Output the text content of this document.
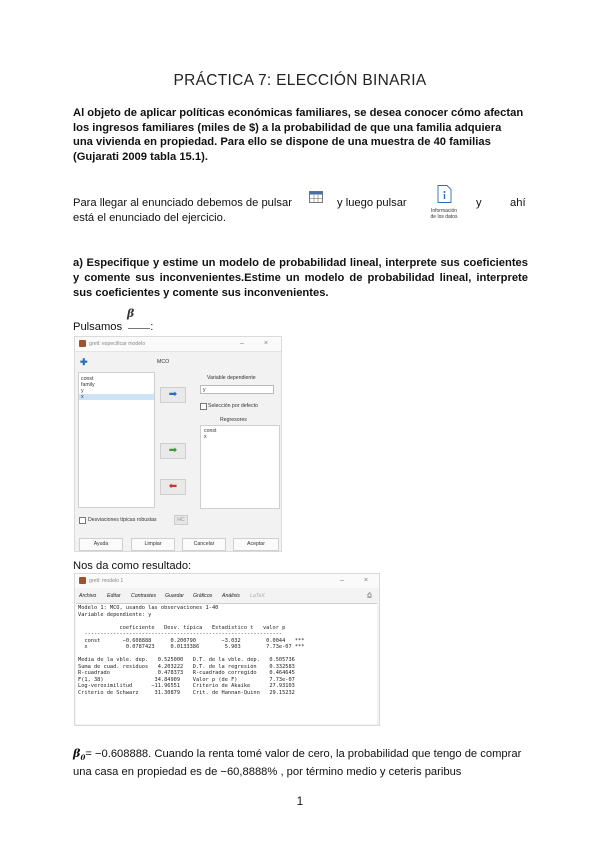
PRÁCTICA 7: ELECCIÓN BINARIA
Al objeto de aplicar políticas económicas familiares, se desea conocer cómo afectan
los ingresos familiares (miles de $) a la probabilidad de que una familia adquiera
una vivienda en propiedad. Para ello se dispone de una muestra de 40 familias
(Gujarati 2009 tabla 15.1).
Para llegar al enunciado debemos de pulsar	y luego pulsar	y	ahí
está el enunciado del ejercicio.
Información
de los datos
a) Especifique y estime un modelo de probabilidad lineal, interprete sus coeficientes y comente sus inconvenientes.Estime un modelo de probabilidad lineal, interprete sus coeficientes y comente sus inconvenientes.
β
Pulsamos	:
gretl: especificar modelo	–	×
✚	MCO
const
family
y
x	➡
➡
⬅
Variable dependiente
y
Selección por defecto
Regresores
const
x
Desviaciones típicas robustas	HC
Ayuda	Limpiar	Cancelar	Aceptar
Nos da como resultado:
gretl: modelo 1	–	×
Archivo Editar Contrastes Guardar Gráficos Análisis LaTeX	⎙
Modelo 1: MCO, usando las observaciones 1-40
Variable dependiente: y
coeficiente   Desv. típica   Estadístico t   valor p
--------------------------------------------------------------
const       −0.608888      0.200790        −3.032        0.0044   ***
x            0.0787423     0.0133386        5.903        7.73e-07 ***
Media de la vble. dep.   0.525000   D.T. de la vble. dep.   0.505736
Suma de cuad. residuos   4.203222   D.T. de la regresión    0.332583
R-cuadrado               0.478373   R-cuadrado corregido    0.464645
F(1, 38)                34.84909    Valor p (de F)          7.73e-07
Log-verosimilitud      −11.96551    Criterio de Akaike      27.93103
Criterio de Schwarz     31.30879    Crit. de Hannan-Quinn   29.15232
$\beta_0= -0.608888$. Cuando la renta tomé valor de cero, la probabilidad que tengo de comprar
una casa en propiedad es de −60,8888% , por término medio y ceteris paribus
1
